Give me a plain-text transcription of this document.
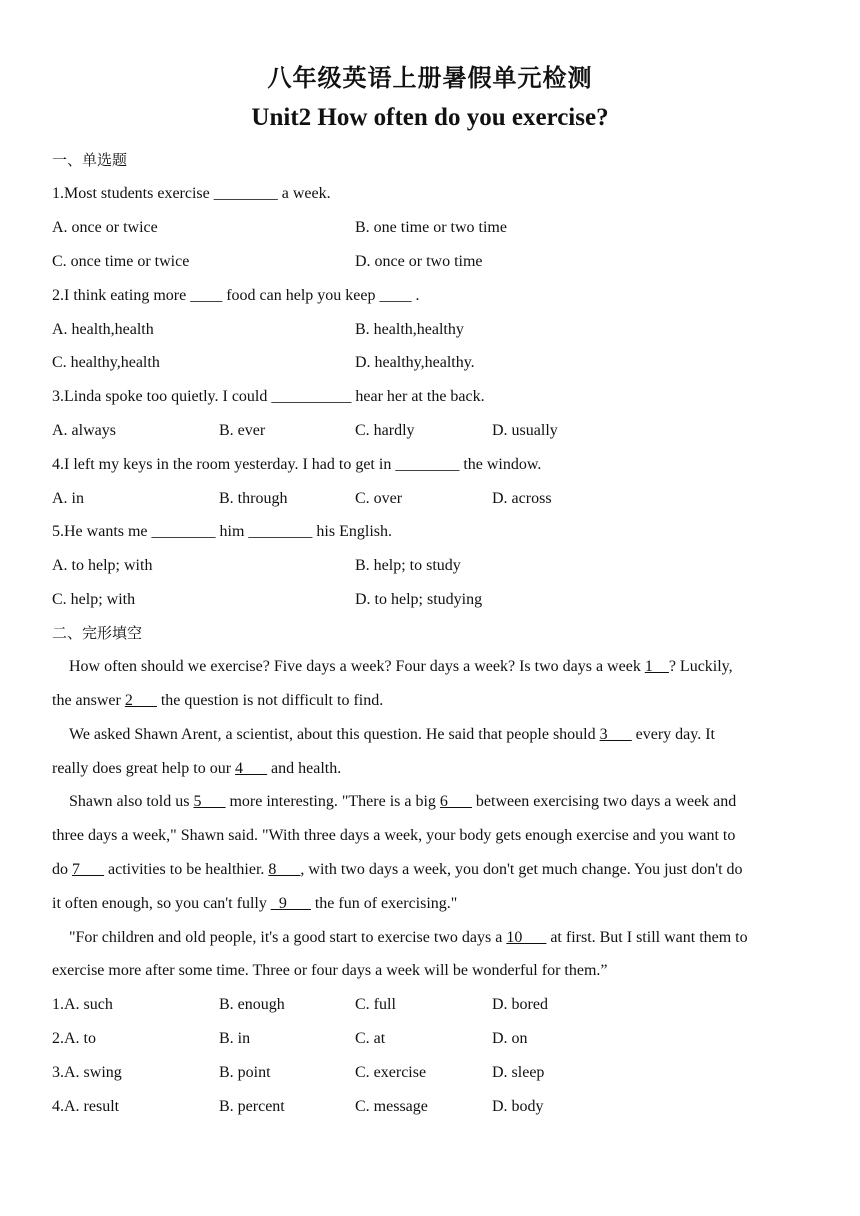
八年级英语上册暑假单元检测
Unit2 How often do you exercise?
一、单选题
1.Most students exercise ________ a week.
A. once or twice	B. one time or two time
C. once time or twice	D. once or two time
2.I think eating more ____ food can help you keep ____ .
A. health,health	B. health,healthy
C. healthy,health	D. healthy,healthy.
3.Linda spoke too quietly. I could __________ hear her at the back.
A. always	B. ever	C. hardly	D. usually
4.I left my keys in the room yesterday. I had to get in ________ the window.
A. in	B. through	C. over	D. across
5.He wants me ________ him ________ his English.
A. to help; with	B. help; to study
C. help; with	D. to help; studying
二、完形填空
How often should we exercise? Five days a week? Four days a week? Is two days a week 1__? Luckily,
the answer 2___ the question is not difficult to find.
We asked Shawn Arent, a scientist, about this question. He said that people should 3___ every day. It
really does great help to our 4___ and health.
Shawn also told us 5___ more interesting. "There is a big 6___ between exercising two days a week and
three days a week," Shawn said. "With three days a week, your body gets enough exercise and you want to
do 7___ activities to be healthier. 8___, with two days a week, you don't get much change. You just don't do
it often enough, so you can't fully _9___ the fun of exercising."
"For children and old people, it's a good start to exercise two days a 10___ at first. But I still want them to
exercise more after some time. Three or four days a week will be wonderful for them.”
1.A. such	B. enough	C. full	D. bored
2.A. to	B. in	C. at	D. on
3.A. swing	B. point	C. exercise	D. sleep
4.A. result	B. percent	C. message	D. body
